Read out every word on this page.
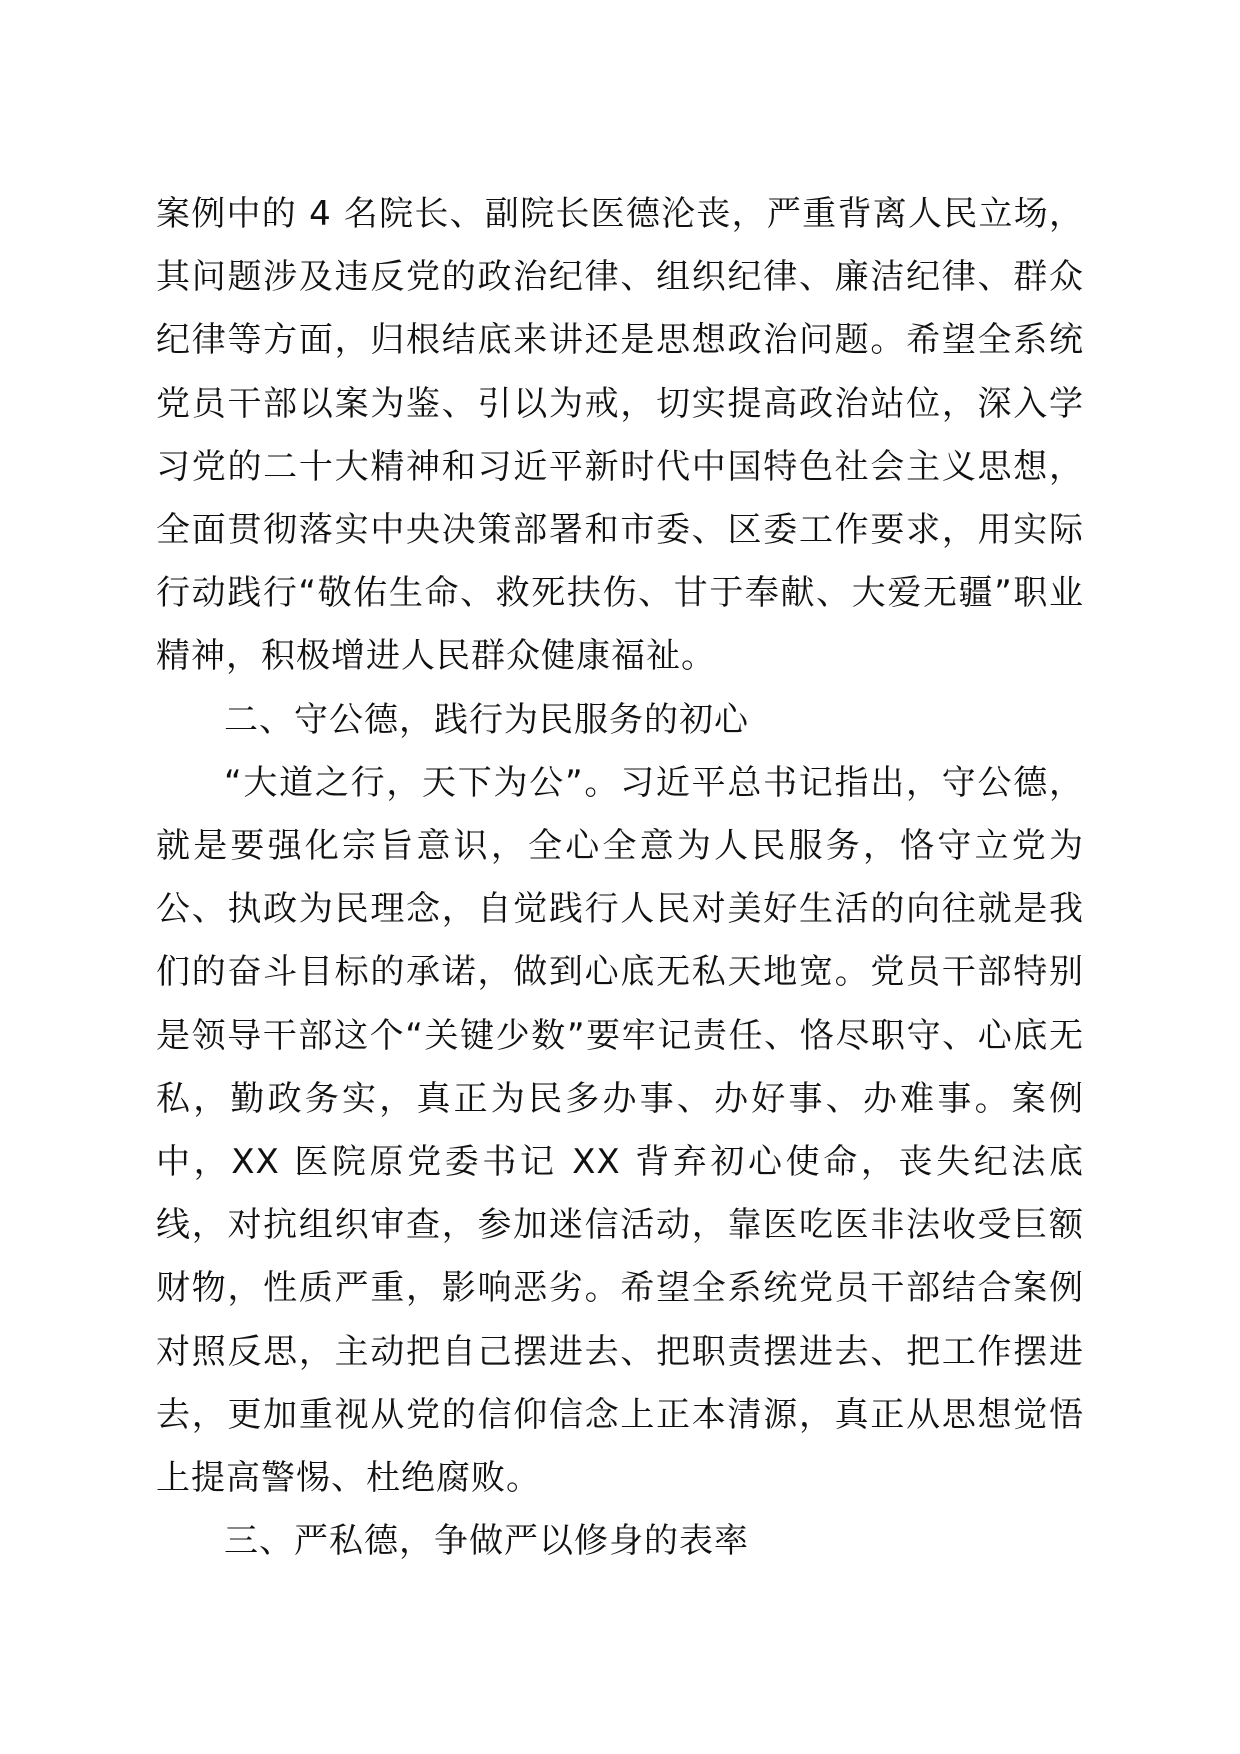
案例中的 4 名院长、副院长医德沦丧，严重背离人民立场，其问题涉及违反党的政治纪律、组织纪律、廉洁纪律、群众纪律等方面，归根结底来讲还是思想政治问题。希望全系统党员干部以案为鉴、引以为戒，切实提高政治站位，深入学习党的二十大精神和习近平新时代中国特色社会主义思想，全面贯彻落实中央决策部署和市委、区委工作要求，用实际行动践行“敬佑生命、救死扶伤、甘于奉献、大爱无疆”职业精神，积极增进人民群众健康福祉。

二、守公德，践行为民服务的初心

“大道之行，天下为公”。习近平总书记指出，守公德，就是要强化宗旨意识，全心全意为人民服务，恪守立党为公、执政为民理念，自觉践行人民对美好生活的向往就是我们的奋斗目标的承诺，做到心底无私天地宽。党员干部特别是领导干部这个“关键少数”要牢记责任、恪尽职守、心底无私，勤政务实，真正为民多办事、办好事、办难事。案例中，XX 医院原党委书记 XX 背弃初心使命，丧失纪法底线，对抗组织审查，参加迷信活动，靠医吃医非法收受巨额财物，性质严重，影响恶劣。希望全系统党员干部结合案例对照反思，主动把自己摆进去、把职责摆进去、把工作摆进去，更加重视从党的信仰信念上正本清源，真正从思想觉悟上提高警惕、杜绝腐败。

三、严私德，争做严以修身的表率
